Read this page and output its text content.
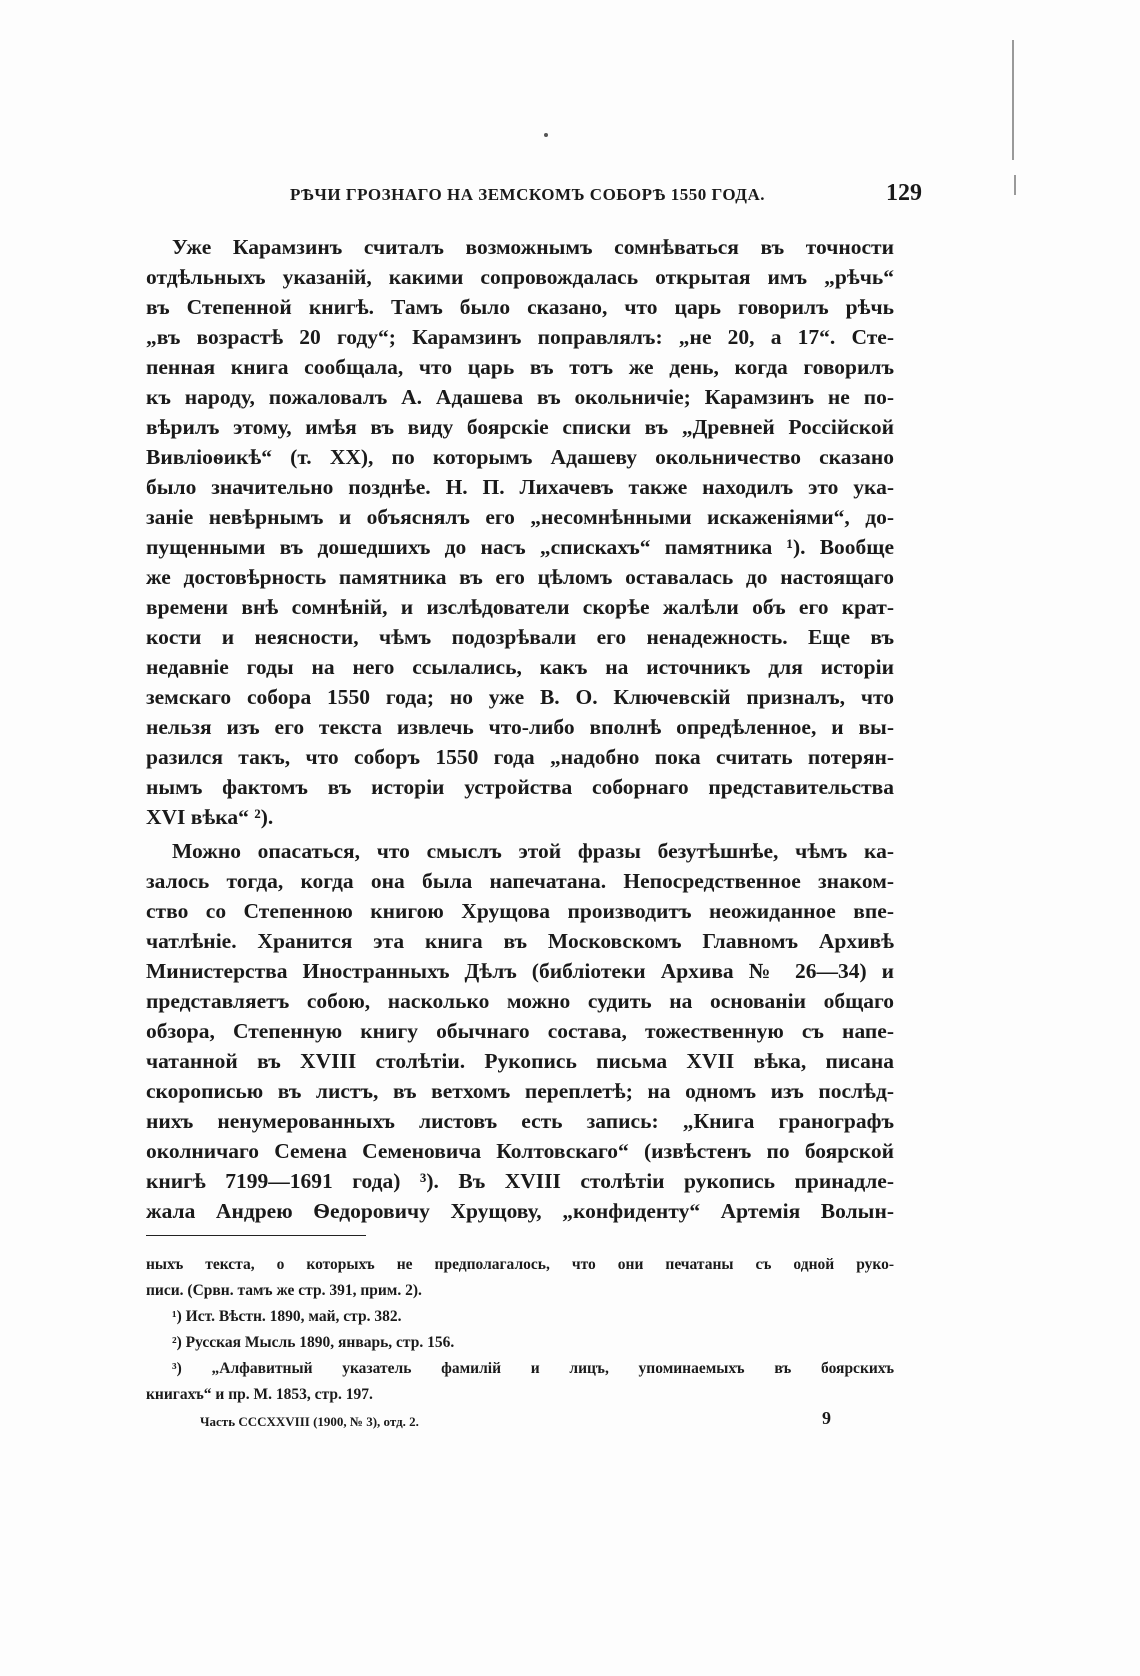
РѢЧИ ГРОЗНАГО НА ЗЕМСКОМЪ СОБОРѢ 1550 ГОДА.	129
Уже Карамзинъ считалъ возможнымъ сомнѣваться въ точности
отдѣльныхъ указаній, какими сопровождалась открытая имъ „рѣчь“
въ Степенной книгѣ. Тамъ было сказано, что царь говорилъ рѣчь
„въ возрастѣ 20 году“; Карамзинъ поправлялъ: „не 20, а 17“. Сте-
пенная книга сообщала, что царь въ тотъ же день, когда говорилъ
къ народу, пожаловалъ А. Адашева въ окольничіе; Карамзинъ не по-
вѣрилъ этому, имѣя въ виду боярскіе списки въ „Древней Россійской
Вивліоѳикѣ“ (т. XX), по которымъ Адашеву окольничество сказано
было значительно позднѣе. Н. П. Лихачевъ также находилъ это ука-
заніе невѣрнымъ и объяснялъ его „несомнѣнными искаженіями“, до-
пущенными въ дошедшихъ до насъ „спискахъ“ памятника ¹). Вообще
же достовѣрность памятника въ его цѣломъ оставалась до настоящаго
времени внѣ сомнѣній, и изслѣдователи скорѣе жалѣли объ его крат-
кости и неясности, чѣмъ подозрѣвали его ненадежность. Еще въ
недавніе годы на него ссылались, какъ на источникъ для исторіи
земскаго собора 1550 года; но уже В. О. Ключевскій призналъ, что
нельзя изъ его текста извлечь что-либо вполнѣ опредѣленное, и вы-
разился такъ, что соборъ 1550 года „надобно пока считать потерян-
нымъ фактомъ въ исторіи устройства соборнаго представительства
XVI вѣка“ ²).
Можно опасаться, что смыслъ этой фразы безутѣшнѣе, чѣмъ ка-
залось тогда, когда она была напечатана. Непосредственное знаком-
ство со Степенною книгою Хрущова производитъ неожиданное впе-
чатлѣніе. Хранится эта книга въ Московскомъ Главномъ Архивѣ
Министерства Иностранныхъ Дѣлъ (библіотеки Архива № 26—34) и
представляетъ собою, насколько можно судить на основаніи общаго
обзора, Степенную книгу обычнаго состава, тожественную съ напе-
чатанной въ XVIII столѣтіи. Рукопись письма XVII вѣка, писана
скорописью въ листъ, въ ветхомъ переплетѣ; на одномъ изъ послѣд-
нихъ ненумерованныхъ листовъ есть запись: „Книга гранографъ
околничаго Семена Семеновича Колтовскаго“ (извѣстенъ по боярской
книгѣ 7199—1691 года) ³). Въ XVIII столѣтіи рукопись принадле-
жала Андрею Ѳедоровичу Хрущову, „конфиденту“ Артемія Волын-
ныхъ текста, о которыхъ не предполагалось, что они печатаны съ одной руко-
писи. (Срвн. тамъ же стр. 391, прим. 2).
¹) Ист. Вѣстн. 1890, май, стр. 382.
²) Русская Мысль 1890, январь, стр. 156.
³) „Алфавитный указатель фамилій и лицъ, упоминаемыхъ въ боярскихъ
книгахъ“ и пр. М. 1853, стр. 197.
Часть CCCXXVIII (1900, № 3), отд. 2.	9
